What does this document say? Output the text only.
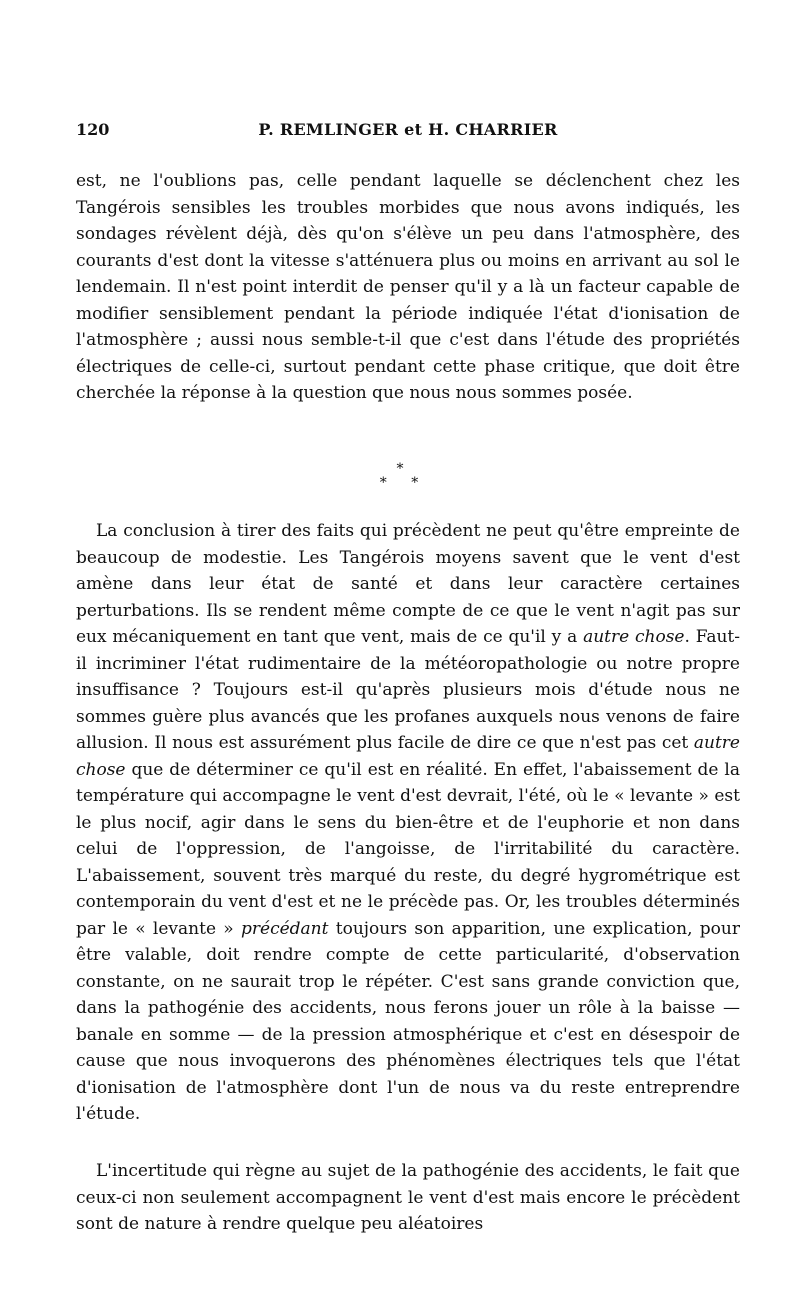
120	P. REMLINGER et H. CHARRIER

est, ne l'oublions pas, celle pendant laquelle se déclenchent chez les Tangérois sensibles les troubles morbides que nous avons indiqués, les sondages révèlent déjà, dès qu'on s'élève un peu dans l'atmosphère, des courants d'est dont la vitesse s'atténuera plus ou moins en arrivant au sol le lendemain. Il n'est point interdit de penser qu'il y a là un facteur capable de modifier sensiblement pendant la période indiquée l'état d'ionisation de l'atmosphère ; aussi nous semble-t-il que c'est dans l'étude des propriétés électriques de celle-ci, surtout pendant cette phase critique, que doit être cherchée la réponse à la question que nous nous sommes posée.

*
* *

La conclusion à tirer des faits qui précèdent ne peut qu'être empreinte de beaucoup de modestie. Les Tangérois moyens savent que le vent d'est amène dans leur état de santé et dans leur caractère certaines perturbations. Ils se rendent même compte de ce que le vent n'agit pas sur eux mécaniquement en tant que vent, mais de ce qu'il y a autre chose. Faut-il incriminer l'état rudimentaire de la météoropathologie ou notre propre insuffisance ? Toujours est-il qu'après plusieurs mois d'étude nous ne sommes guère plus avancés que les profanes auxquels nous venons de faire allusion. Il nous est assurément plus facile de dire ce que n'est pas cet autre chose que de déterminer ce qu'il est en réalité. En effet, l'abaissement de la température qui accompagne le vent d'est devrait, l'été, où le « levante » est le plus nocif, agir dans le sens du bien-être et de l'euphorie et non dans celui de l'oppression, de l'angoisse, de l'irritabilité du caractère. L'abaissement, souvent très marqué du reste, du degré hygrométrique est contemporain du vent d'est et ne le précède pas. Or, les troubles déterminés par le « levante » précédant toujours son apparition, une explication, pour être valable, doit rendre compte de cette particularité, d'observation constante, on ne saurait trop le répéter. C'est sans grande conviction que, dans la pathogénie des accidents, nous ferons jouer un rôle à la baisse — banale en somme — de la pression atmosphérique et c'est en désespoir de cause que nous invoquerons des phénomènes électriques tels que l'état d'ionisation de l'atmosphère dont l'un de nous va du reste entreprendre l'étude.

L'incertitude qui règne au sujet de la pathogénie des accidents, le fait que ceux-ci non seulement accompagnent le vent d'est mais encore le précèdent sont de nature à rendre quelque peu aléatoires
